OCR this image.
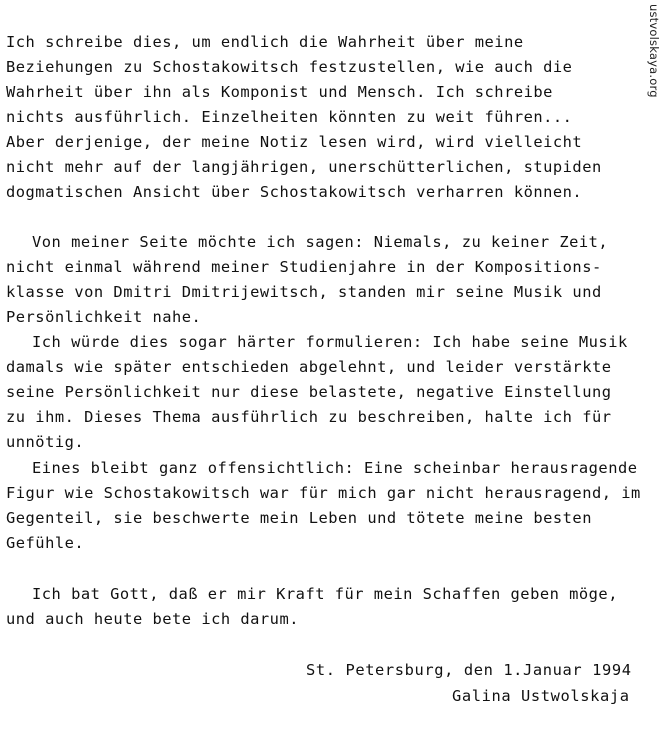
ustvolskaya.org
Ich schreibe dies, um endlich die Wahrheit über meine
Beziehungen zu Schostakowitsch festzustellen, wie auch die
Wahrheit über ihn als Komponist und Mensch. Ich schreibe
nichts ausführlich. Einzelheiten könnten zu weit führen...
Aber derjenige, der meine Notiz lesen wird, wird vielleicht
nicht mehr auf der langjährigen, unerschütterlichen, stupiden
dogmatischen Ansicht über Schostakowitsch verharren können.
Von meiner Seite möchte ich sagen: Niemals, zu keiner Zeit,
nicht einmal während meiner Studienjahre in der Kompositions-
klasse von Dmitri Dmitrijewitsch, standen mir seine Musik und
Persönlichkeit nahe.
Ich würde dies sogar härter formulieren: Ich habe seine Musik
damals wie später entschieden abgelehnt, und leider verstärkte
seine Persönlichkeit nur diese belastete, negative Einstellung
zu ihm. Dieses Thema ausführlich zu beschreiben, halte ich für
unnötig.
Eines bleibt ganz offensichtlich: Eine scheinbar herausragende
Figur wie Schostakowitsch war für mich gar nicht herausragend, im
Gegenteil, sie beschwerte mein Leben und tötete meine besten
Gefühle.
Ich bat Gott, daß er mir Kraft für mein Schaffen geben möge,
und auch heute bete ich darum.
St. Petersburg, den 1.Januar 1994
Galina Ustwolskaja
